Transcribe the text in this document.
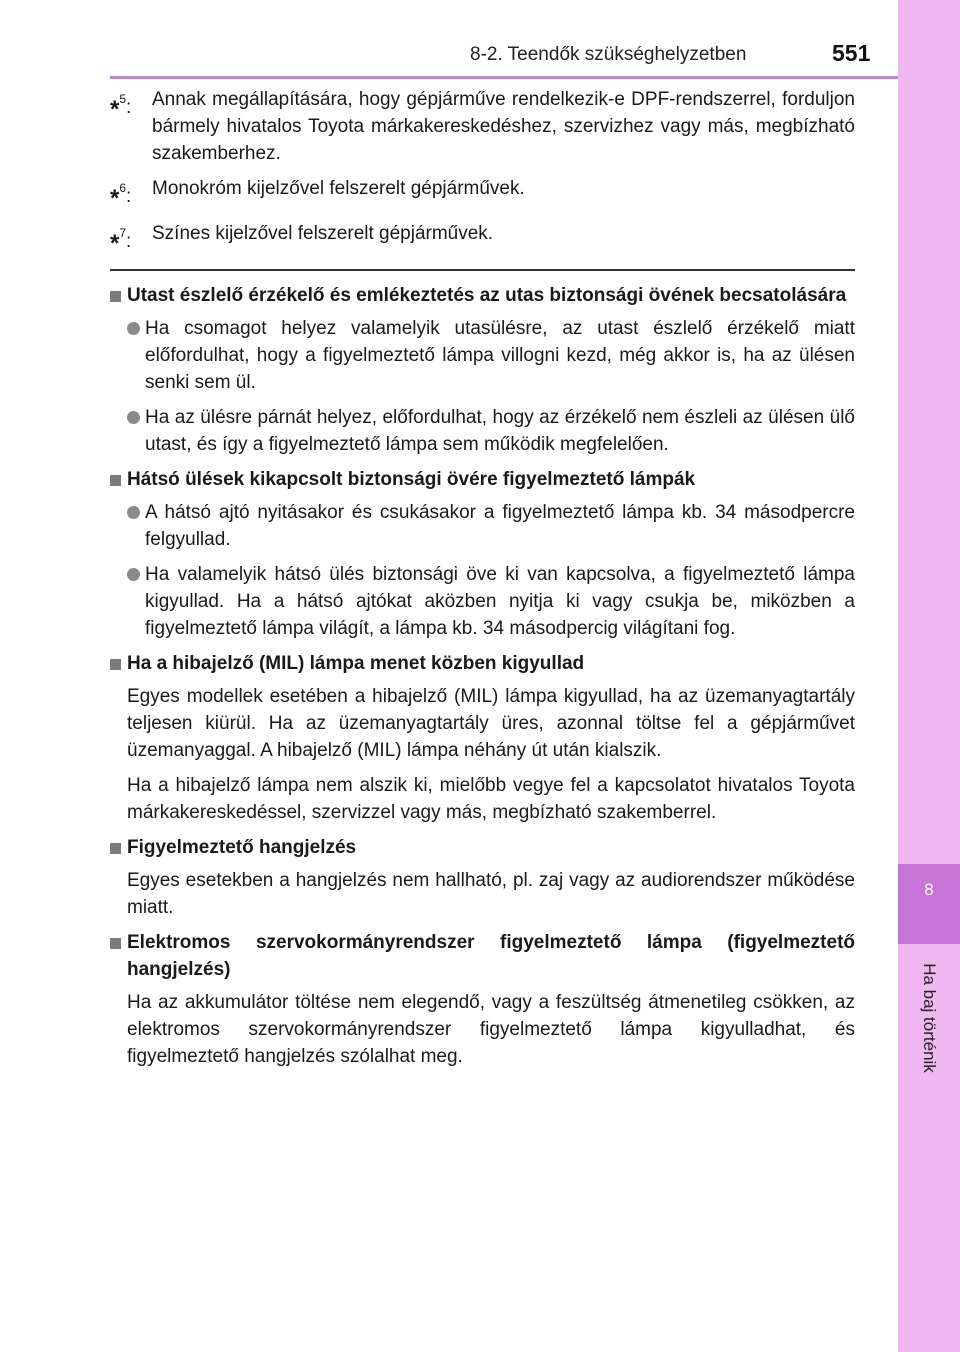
8
Ha baj történik
8-2. Teendők szükséghelyzetben	551
*$^5$:	Annak megállapítására, hogy gépjárműve rendelkezik-e DPF-rendszerrel, forduljon bármely hivatalos Toyota márkakereskedéshez, szervizhez vagy más, megbízható szakemberhez.
*$^6$:	Monokróm kijelzővel felszerelt gépjárművek.
*$^7$:	Színes kijelzővel felszerelt gépjárművek.
Utast észlelő érzékelő és emlékeztetés az utas biztonsági övének becsatolására
Ha csomagot helyez valamelyik utasülésre, az utast észlelő érzékelő miatt előfordulhat, hogy a figyelmeztető lámpa villogni kezd, még akkor is, ha az ülésen senki sem ül.
Ha az ülésre párnát helyez, előfordulhat, hogy az érzékelő nem észleli az ülésen ülő utast, és így a figyelmeztető lámpa sem működik megfelelően.
Hátsó ülések kikapcsolt biztonsági övére figyelmeztető lámpák
A hátsó ajtó nyitásakor és csukásakor a figyelmeztető lámpa kb. 34 másodpercre felgyullad.
Ha valamelyik hátsó ülés biztonsági öve ki van kapcsolva, a figyelmeztető lámpa kigyullad. Ha a hátsó ajtókat aközben nyitja ki vagy csukja be, miközben a figyelmeztető lámpa világít, a lámpa kb. 34 másodpercig világítani fog.
Ha a hibajelző (MIL) lámpa menet közben kigyullad
Egyes modellek esetében a hibajelző (MIL) lámpa kigyullad, ha az üzemanyagtartály teljesen kiürül. Ha az üzemanyagtartály üres, azonnal töltse fel a gépjárművet üzemanyaggal. A hibajelző (MIL) lámpa néhány út után kialszik.
Ha a hibajelző lámpa nem alszik ki, mielőbb vegye fel a kapcsolatot hivatalos Toyota márkakereskedéssel, szervizzel vagy más, megbízható szakemberrel.
Figyelmeztető hangjelzés
Egyes esetekben a hangjelzés nem hallható, pl. zaj vagy az audiorendszer működése miatt.
Elektromos szervokormányrendszer figyelmeztető lámpa (figyelmeztető hangjelzés)
Ha az akkumulátor töltése nem elegendő, vagy a feszültség átmenetileg csökken, az elektromos szervokormányrendszer figyelmeztető lámpa kigyulladhat, és figyelmeztető hangjelzés szólalhat meg.
